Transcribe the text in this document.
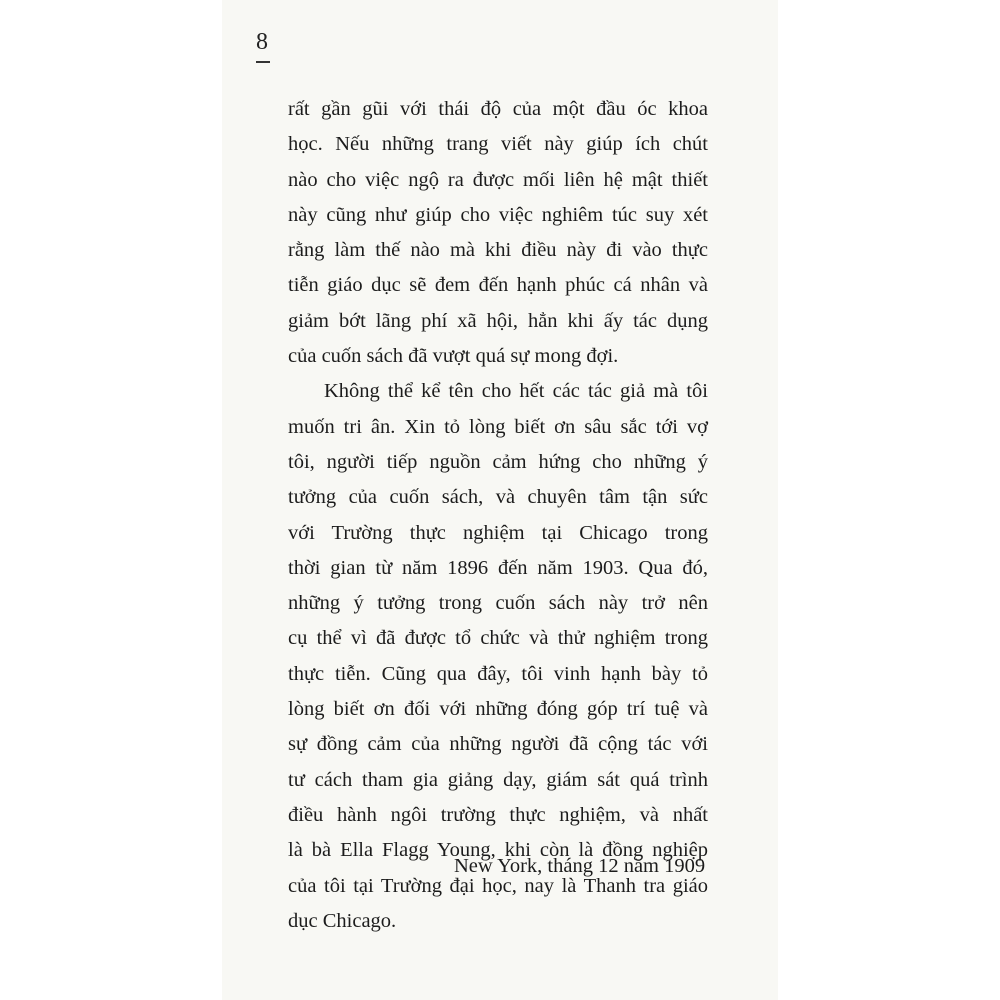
8
rất gần gũi với thái độ của một đầu óc khoa
học. Nếu những trang viết này giúp ích chút
nào cho việc ngộ ra được mối liên hệ mật thiết
này cũng như giúp cho việc nghiêm túc suy xét
rằng làm thế nào mà khi điều này đi vào thực
tiễn giáo dục sẽ đem đến hạnh phúc cá nhân và
giảm bớt lãng phí xã hội, hẳn khi ấy tác dụng
của cuốn sách đã vượt quá sự mong đợi.
Không thể kể tên cho hết các tác giả mà tôi
muốn tri ân. Xin tỏ lòng biết ơn sâu sắc tới vợ
tôi, người tiếp nguồn cảm hứng cho những ý
tưởng của cuốn sách, và chuyên tâm tận sức
với Trường thực nghiệm tại Chicago trong
thời gian từ năm 1896 đến năm 1903. Qua đó,
những ý tưởng trong cuốn sách này trở nên
cụ thể vì đã được tổ chức và thử nghiệm trong
thực tiễn. Cũng qua đây, tôi vinh hạnh bày tỏ
lòng biết ơn đối với những đóng góp trí tuệ và
sự đồng cảm của những người đã cộng tác với
tư cách tham gia giảng dạy, giám sát quá trình
điều hành ngôi trường thực nghiệm, và nhất
là bà Ella Flagg Young, khi còn là đồng nghiệp
của tôi tại Trường đại học, nay là Thanh tra giáo
dục Chicago.
New York, tháng 12 năm 1909
